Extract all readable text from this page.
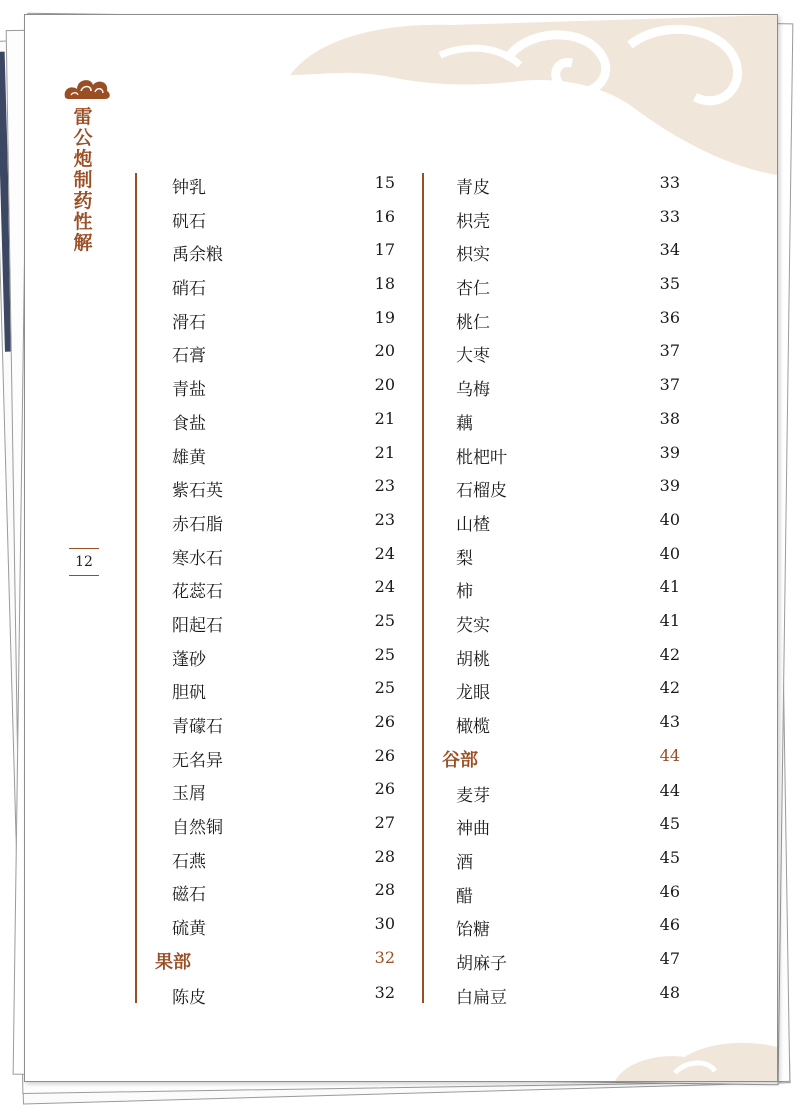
雷公炮制药性解
12
钟乳	15
矾石	16
禹余粮	17
硝石	18
滑石	19
石膏	20
青盐	20
食盐	21
雄黄	21
紫石英	23
赤石脂	23
寒水石	24
花蕊石	24
阳起石	25
蓬砂	25
胆矾	25
青礞石	26
无名异	26
玉屑	26
自然铜	27
石燕	28
磁石	28
硫黄	30
果部	32
陈皮	32
青皮	33
枳壳	33
枳实	34
杏仁	35
桃仁	36
大枣	37
乌梅	37
藕	38
枇杷叶	39
石榴皮	39
山楂	40
梨	40
柿	41
芡实	41
胡桃	42
龙眼	42
橄榄	43
谷部	44
麦芽	44
神曲	45
酒	45
醋	46
饴糖	46
胡麻子	47
白扁豆	48
